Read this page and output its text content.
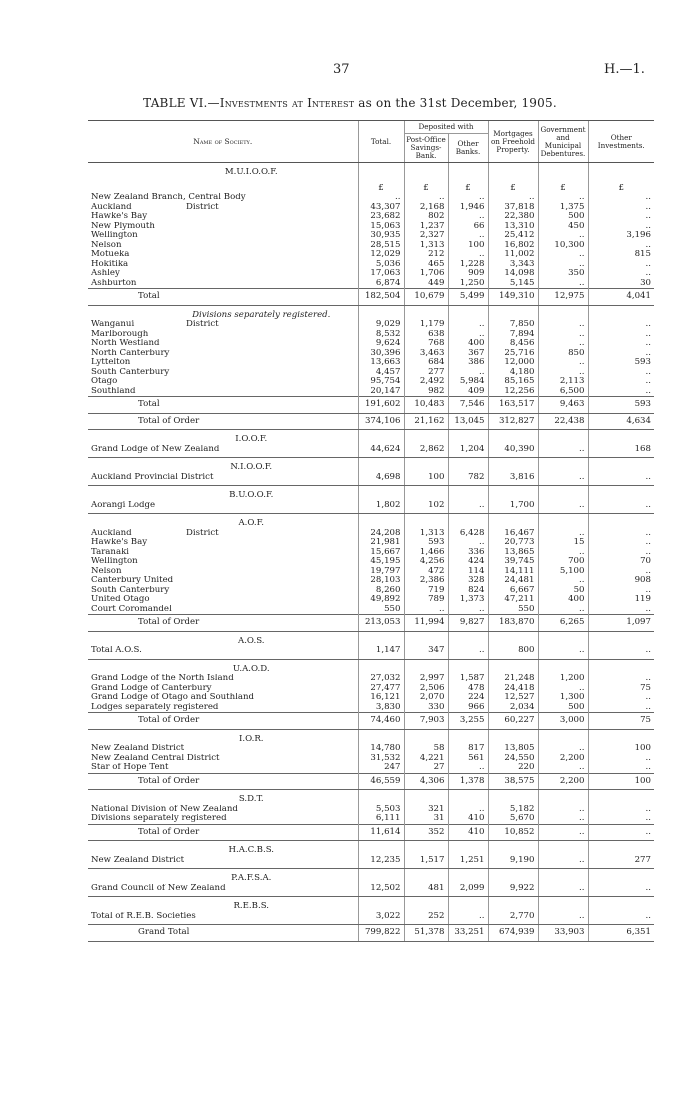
37	H.—1.
TABLE VI.—Investments at Interest as on the 31st December, 1905.
Name of Society.	Total.	Deposited with		Mortgages on Freehold Property.	Government and Municipal Debentures.	Other Investments.
		Post-Office Savings-Bank.	Other Banks.			
M.U.I.O.O.F.						

	£	£	£	£	£	£

New Zealand Branch, Central Body	..	..	..	..	..	..

Auckland District	43,307	2,168	1,946	37,818	1,375	..

Hawke's Bay	23,682	802	..	22,380	500	..

New Plymouth	15,063	1,237	66	13,310	450	..

Wellington	30,935	2,327	..	25,412	..	3,196

Nelson	28,515	1,313	100	16,802	10,300	..

Motueka	12,029	212	..	11,002	..	815

Hokitika	5,036	465	1,228	3,343	..	..

Ashley	17,063	1,706	909	14,098	350	..

Ashburton	6,874	449	1,250	5,145	..	30

Total	182,504	10,679	5,499	149,310	12,975	4,041
Divisions separately registered.						

Wanganui District	9,029	1,179	..	7,850	..	..

Marlborough	8,532	638	..	7,894	..	..

North Westland	9,624	768	400	8,456	..	..

North Canterbury	30,396	3,463	367	25,716	850	..

Lyttelton	13,663	684	386	12,000	..	593

South Canterbury	4,457	277	..	4,180	..	..

Otago	95,754	2,492	5,984	85,165	2,113	..

Southland	20,147	982	409	12,256	6,500	..

Total	191,602	10,483	7,546	163,517	9,463	593

Total of Order	374,106	21,162	13,045	312,827	22,438	4,634
I.O.O.F.						

Grand Lodge of New Zealand	44,624	2,862	1,204	40,390	..	168
N.I.O.O.F.						

Auckland Provincial District	4,698	100	782	3,816	..	..
B.U.O.O.F.						

Aorangi Lodge	1,802	102	..	1,700	..	..
A.O.F.						

Auckland District	24,208	1,313	6,428	16,467	..	..

Hawke's Bay	21,981	593	..	20,773	15	..

Taranaki	15,667	1,466	336	13,865	..	..

Wellington	45,195	4,256	424	39,745	700	70

Nelson	19,797	472	114	14,111	5,100	..

Canterbury United	28,103	2,386	328	24,481	..	908

South Canterbury	8,260	719	824	6,667	50	..

United Otago	49,892	789	1,373	47,211	400	119

Court Coromandel	550	..	..	550	..	..

Total of Order	213,053	11,994	9,827	183,870	6,265	1,097
A.O.S.						

Total A.O.S.	1,147	347	..	800	..	..
U.A.O.D.						

Grand Lodge of the North Island	27,032	2,997	1,587	21,248	1,200	..

Grand Lodge of Canterbury	27,477	2,506	478	24,418	..	75

Grand Lodge of Otago and Southland	16,121	2,070	224	12,527	1,300	..

Lodges separately registered	3,830	330	966	2,034	500	..

Total of Order	74,460	7,903	3,255	60,227	3,000	75
I.O.R.						

New Zealand District	14,780	58	817	13,805	..	100

New Zealand Central District	31,532	4,221	561	24,550	2,200	..

Star of Hope Tent	247	27	..	220	..	..

Total of Order	46,559	4,306	1,378	38,575	2,200	100
S.D.T.						

National Division of New Zealand	5,503	321	..	5,182	..	..

Divisions separately registered	6,111	31	410	5,670	..	..

Total of Order	11,614	352	410	10,852	..	..
H.A.C.B.S.						

New Zealand District	12,235	1,517	1,251	9,190	..	277
P.A.F.S.A.						

Grand Council of New Zealand	12,502	481	2,099	9,922	..	..
R.E.B.S.						

Total of R.E.B. Societies	3,022	252	..	2,770	..	..

Grand Total	799,822	51,378	33,251	674,939	33,903	6,351
